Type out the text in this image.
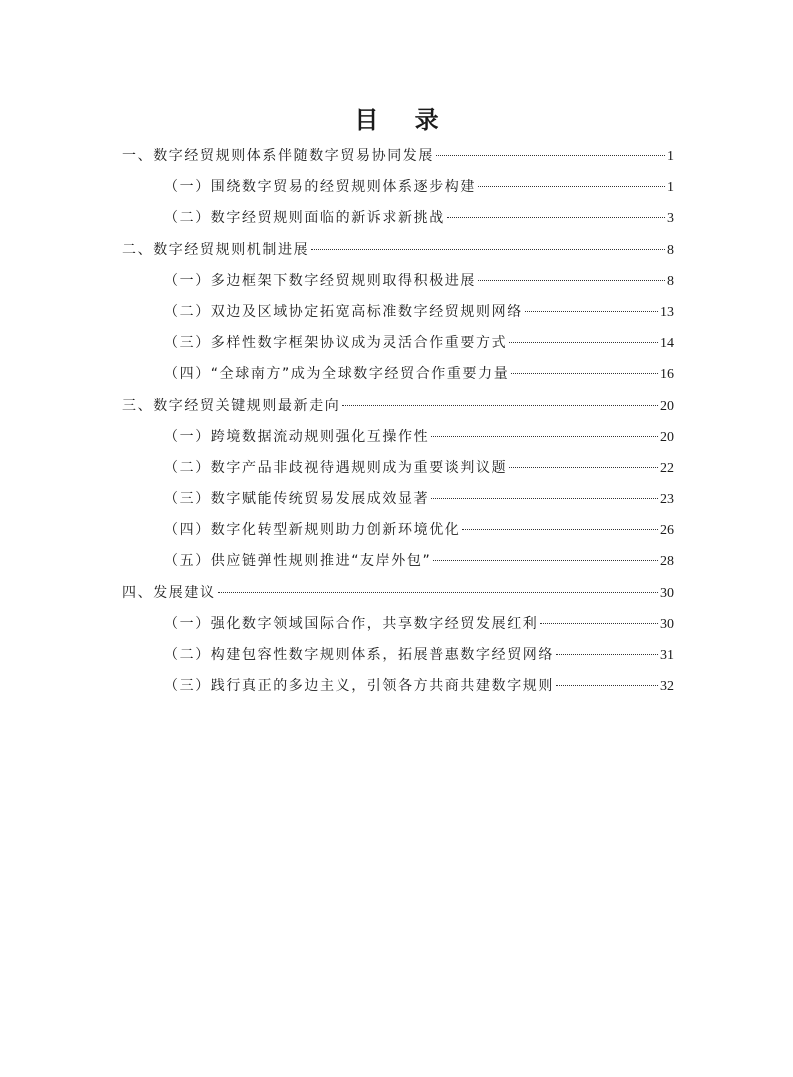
目 录
一、数字经贸规则体系伴随数字贸易协同发展	1
（一）围绕数字贸易的经贸规则体系逐步构建	1
（二）数字经贸规则面临的新诉求新挑战	3
二、数字经贸规则机制进展	8
（一）多边框架下数字经贸规则取得积极进展	8
（二）双边及区域协定拓宽高标准数字经贸规则网络	13
（三）多样性数字框架协议成为灵活合作重要方式	14
（四）“全球南方”成为全球数字经贸合作重要力量	16
三、数字经贸关键规则最新走向	20
（一）跨境数据流动规则强化互操作性	20
（二）数字产品非歧视待遇规则成为重要谈判议题	22
（三）数字赋能传统贸易发展成效显著	23
（四）数字化转型新规则助力创新环境优化	26
（五）供应链弹性规则推进“友岸外包”	28
四、发展建议	30
（一）强化数字领域国际合作，共享数字经贸发展红利	30
（二）构建包容性数字规则体系，拓展普惠数字经贸网络	31
（三）践行真正的多边主义，引领各方共商共建数字规则	32
